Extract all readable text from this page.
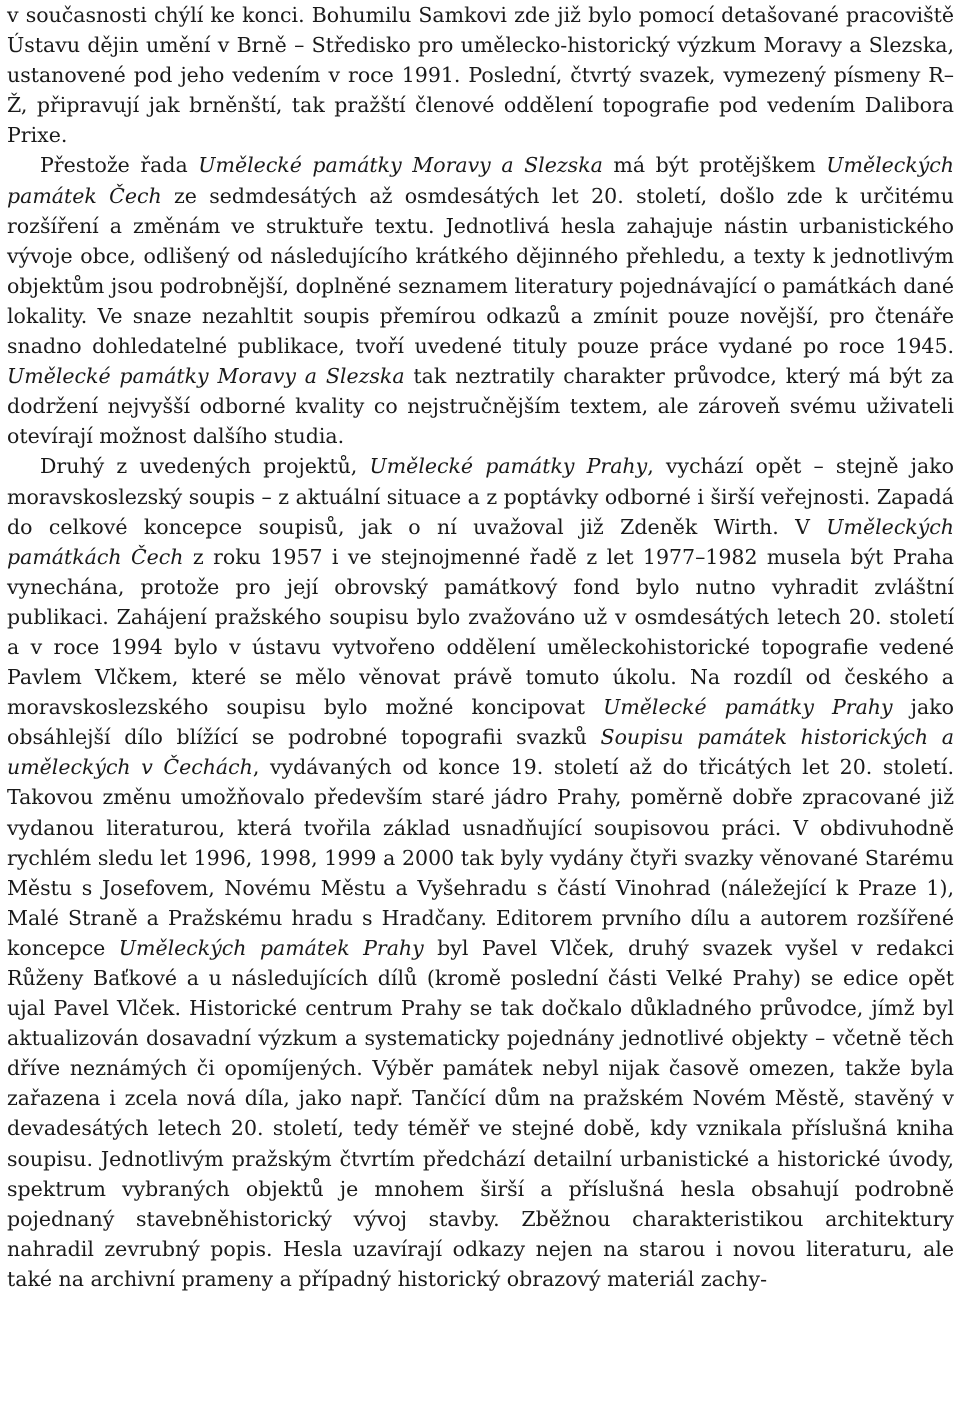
v současnosti chýlí ke konci. Bohumilu Samkovi zde již bylo pomocí detašované pracoviště Ústavu dějin umění v Brně – Středisko pro umělecko-historický výzkum Moravy a Slezska, ustanovené pod jeho vedením v roce 1991. Poslední, čtvrtý svazek, vymezený písmeny R–Ž, připravují jak brněnští, tak pražští členové oddělení topografie pod vedením Dalibora Prixe.

Přestože řada Umělecké památky Moravy a Slezska má být protějškem Uměleckých památek Čech ze sedmdesátých až osmdesátých let 20. století, došlo zde k určitému rozšíření a změnám ve struktuře textu. Jednotlivá hesla zahajuje nástin urbanistického vývoje obce, odlišený od následujícího krátkého dějinného přehledu, a texty k jednotlivým objektům jsou podrobnější, doplněné seznamem literatury pojednávající o památkách dané lokality. Ve snaze nezahltit soupis přemírou odkazů a zmínit pouze novější, pro čtenáře snadno dohledatelné publikace, tvoří uvedené tituly pouze práce vydané po roce 1945. Umělecké památky Moravy a Slezska tak neztratily charakter průvodce, který má být za dodržení nejvyšší odborné kvality co nejstručnějším textem, ale zároveň svému uživateli otevírají možnost dalšího studia.

Druhý z uvedených projektů, Umělecké památky Prahy, vychází opět – stejně jako moravskoslezský soupis – z aktuální situace a z poptávky odborné i širší veřejnosti. Zapadá do celkové koncepce soupisů, jak o ní uvažoval již Zdeněk Wirth. V Uměleckých památkách Čech z roku 1957 i ve stejnojmenné řadě z let 1977–1982 musela být Praha vynechána, protože pro její obrovský památkový fond bylo nutno vyhradit zvláštní publikaci. Zahájení pražského soupisu bylo zvažováno už v osmdesátých letech 20. století a v roce 1994 bylo v ústavu vytvořeno oddělení uměleckohistorické topografie vedené Pavlem Vlčkem, které se mělo věnovat právě tomuto úkolu. Na rozdíl od českého a moravskoslezského soupisu bylo možné koncipovat Umělecké památky Prahy jako obsáhlejší dílo blížící se podrobné topografii svazků Soupisu památek historických a uměleckých v Čechách, vydávaných od konce 19. století až do třicátých let 20. století. Takovou změnu umožňovalo především staré jádro Prahy, poměrně dobře zpracované již vydanou literaturou, která tvořila základ usnadňující soupisovou práci. V obdivuhodně rychlém sledu let 1996, 1998, 1999 a 2000 tak byly vydány čtyři svazky věnované Starému Městu s Josefovem, Novému Městu a Vyšehradu s částí Vinohrad (náležející k Praze 1), Malé Straně a Pražskému hradu s Hradčany. Editorem prvního dílu a autorem rozšířené koncepce Uměleckých památek Prahy byl Pavel Vlček, druhý svazek vyšel v redakci Růženy Baťkové a u následujících dílů (kromě poslední části Velké Prahy) se edice opět ujal Pavel Vlček. Historické centrum Prahy se tak dočkalo důkladného průvodce, jímž byl aktualizován dosavadní výzkum a systematicky pojednány jednotlivé objekty – včetně těch dříve neznámých či opomíjených. Výběr památek nebyl nijak časově omezen, takže byla zařazena i zcela nová díla, jako např. Tančící dům na pražském Novém Městě, stavěný v devadesátých letech 20. století, tedy téměř ve stejné době, kdy vznikala příslušná kniha soupisu. Jednotlivým pražským čtvrtím předchází detailní urbanistické a historické úvody, spektrum vybraných objektů je mnohem širší a příslušná hesla obsahují podrobně pojednaný stavebněhistorický vývoj stavby. Zběžnou charakteristikou architektury nahradil zevrubný popis. Hesla uzavírají odkazy nejen na starou i novou literaturu, ale také na archivní prameny a případný historický obrazový materiál zachy-
